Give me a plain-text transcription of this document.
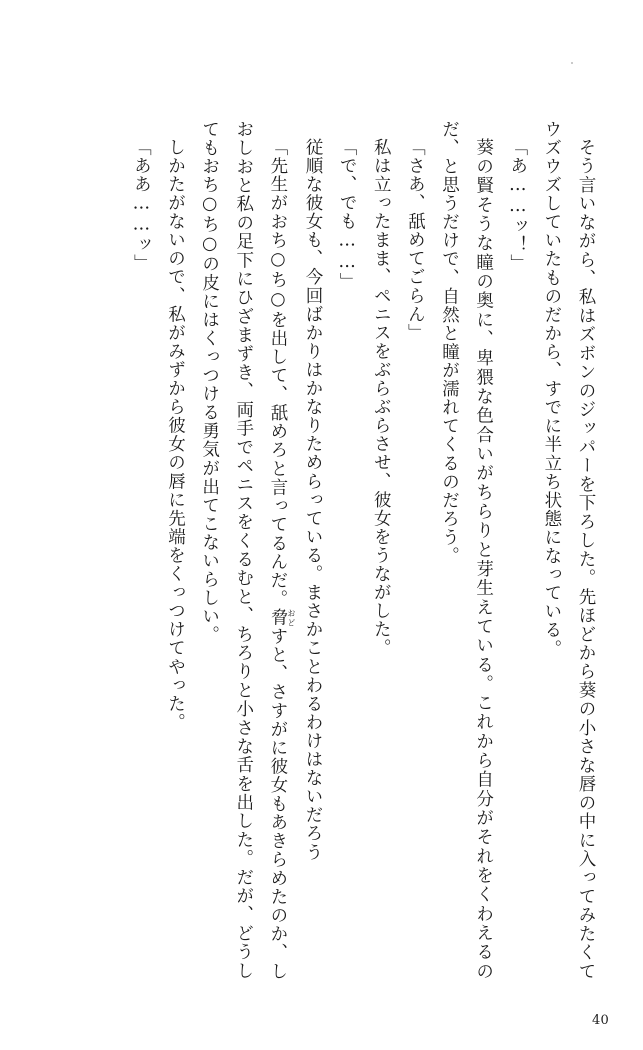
そう言いながら、私はズボンのジッパーを下ろした。先ほどから葵の小さな唇の中に入ってみたくてウズウズしていたものだから、すでに半立ち状態になっている。

「あ……ッ！」

葵の賢そうな瞳の奥に、卑猥な色合いがちらりと芽生えている。これから自分がそれをくわえるのだ、と思うだけで、自然と瞳が濡れてくるのだろう。

「さあ、舐めてごらん」

私は立ったまま、ペニスをぶらぶらさせ、彼女をうながした。

「で、でも……」

従順な彼女も、今回ばかりはかなりためらっている。まさかことわるわけはないだろう

「先生がおち○ち○を出して、舐めろと言ってるんだ。脅 おどすと、さすがに彼女もあきらめたのか、しおしおと私の足下にひざまずき、両手でペニスをくるむと、ちろりと小さな舌を出した。だが、どうしてもおち○ち○の皮にはくっつける勇気が出てこないらしい。

しかたがないので、私がみずから彼女の唇に先端をくっつけてやった。

「ああ……ッ」

40
